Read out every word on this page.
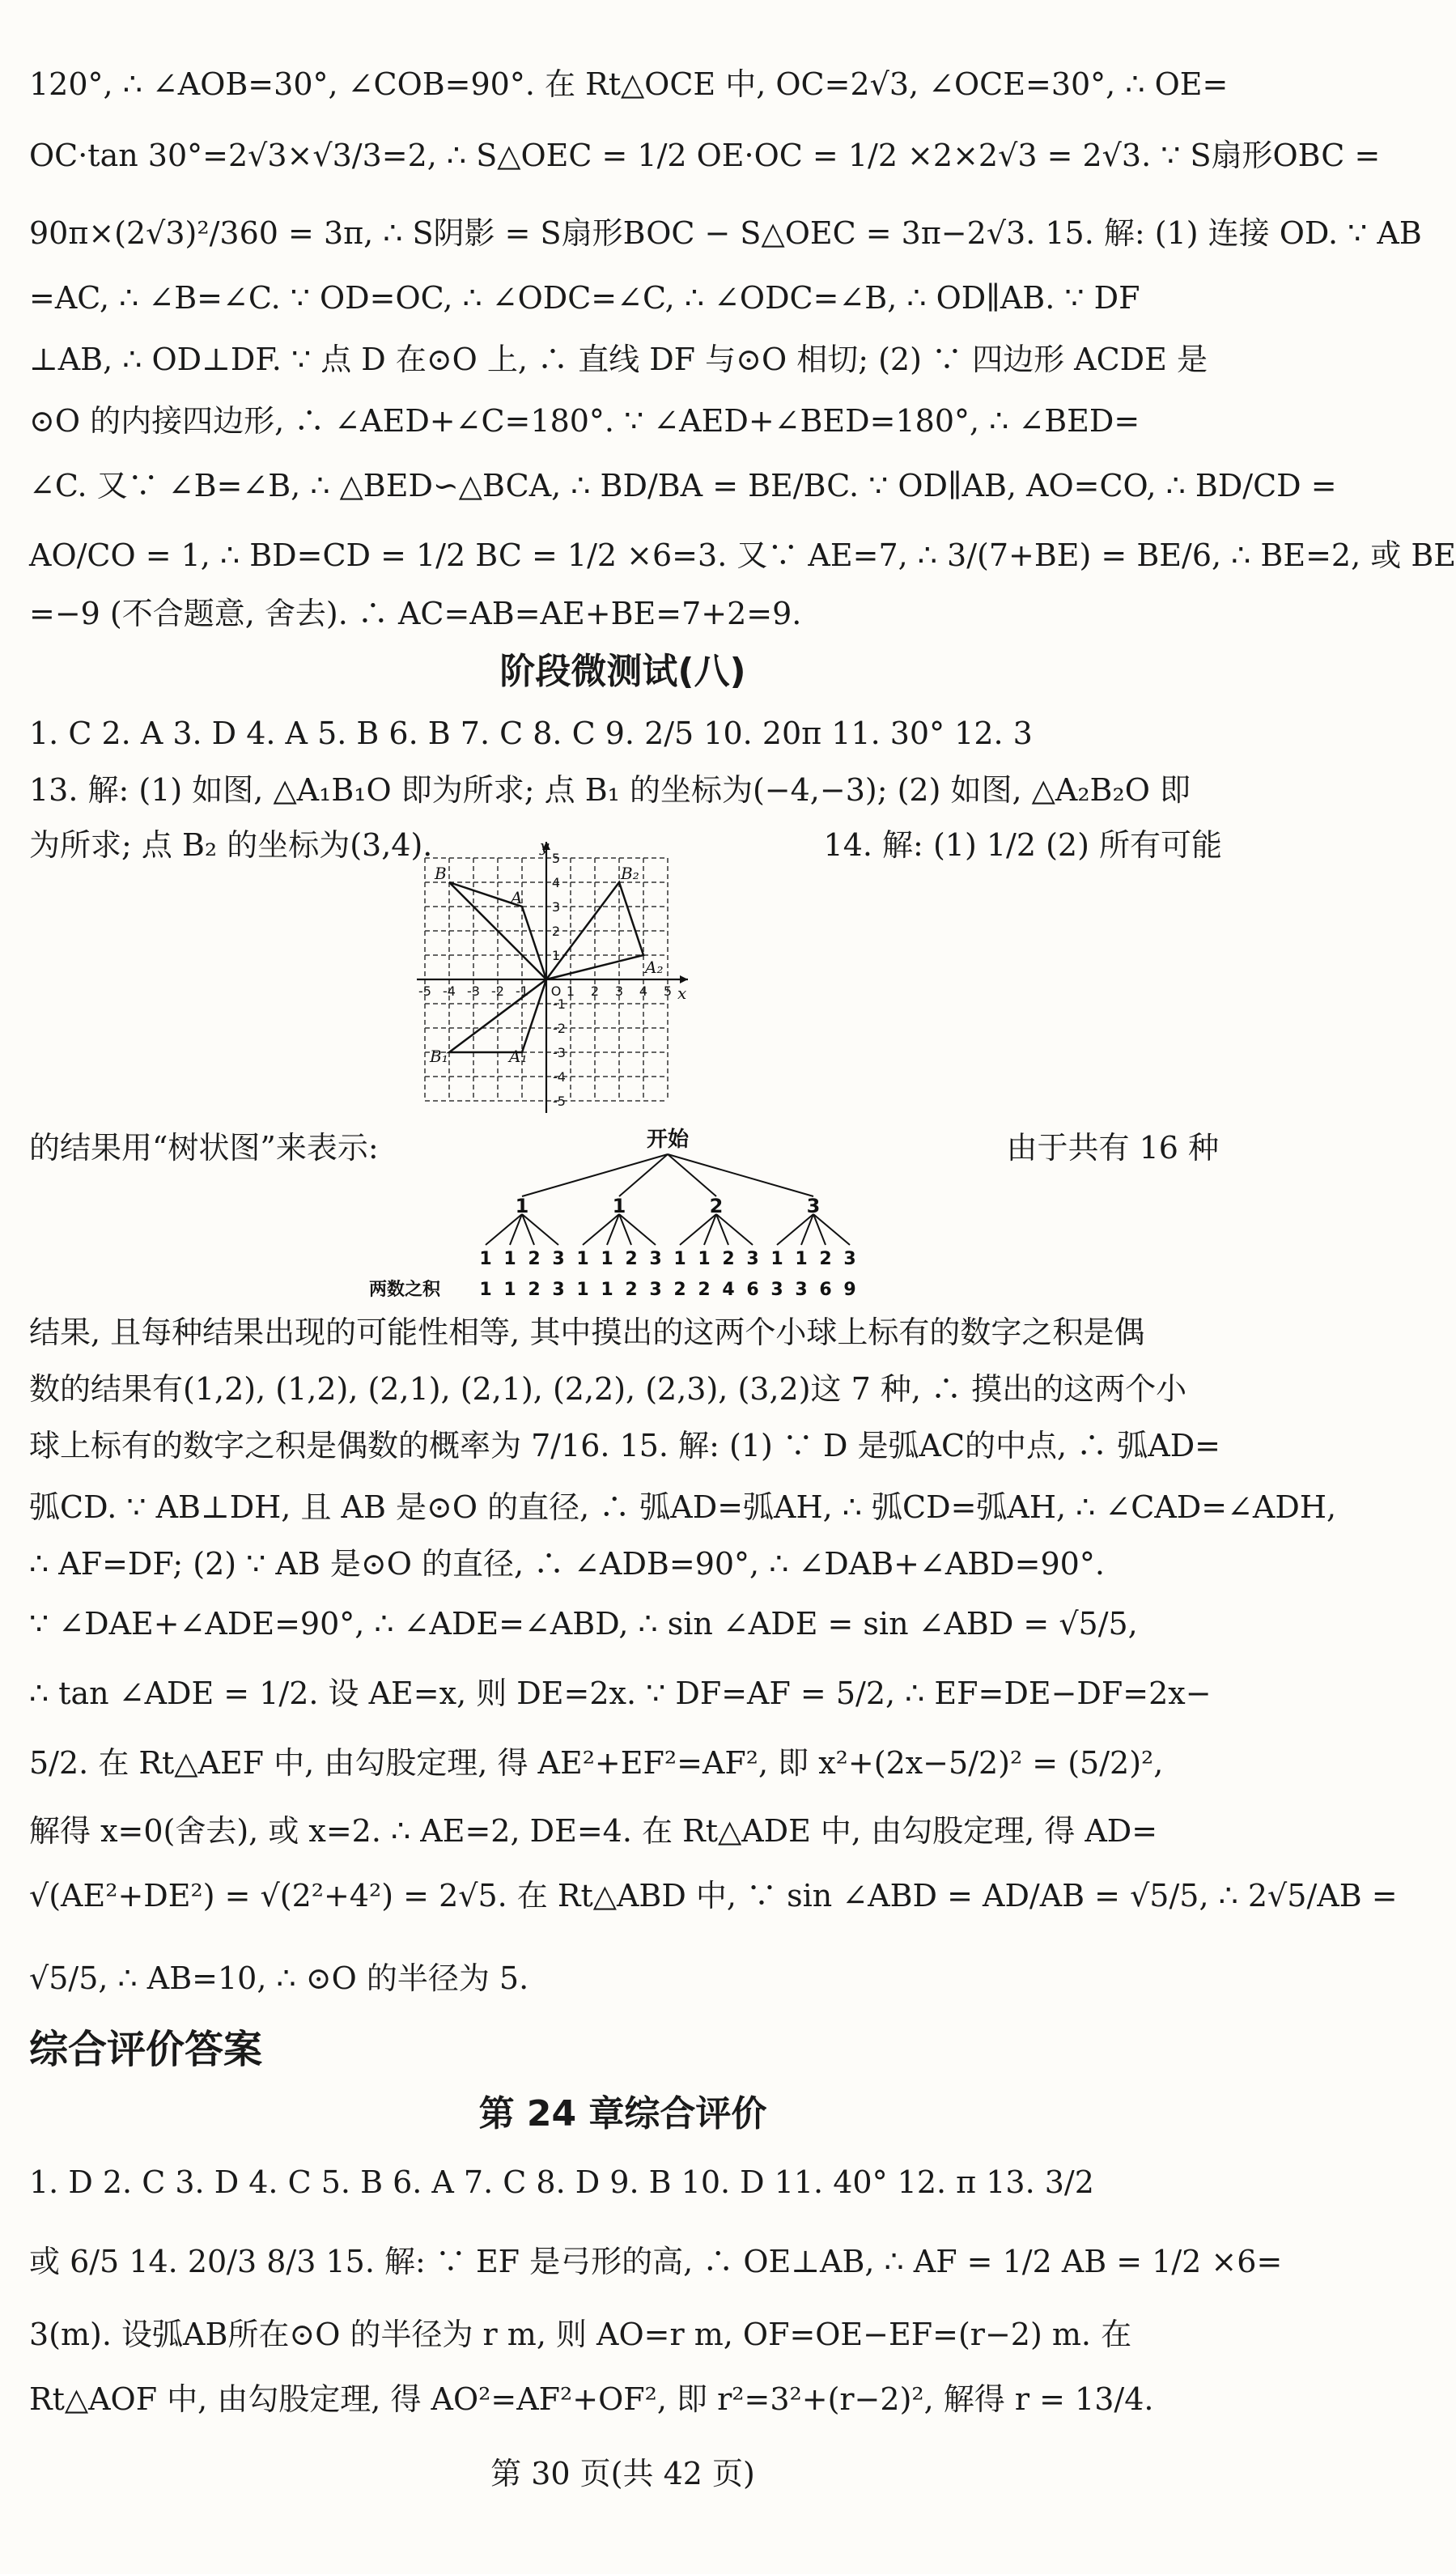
120°, ∴ ∠AOB=30°, ∠COB=90°. 在 Rt△OCE 中, OC=2√3, ∠OCE=30°, ∴ OE=
OC·tan 30°=2√3×√3/3=2, ∴ S△OEC = 1/2 OE·OC = 1/2 ×2×2√3 = 2√3. ∵ S扇形OBC =
90π×(2√3)²/360 = 3π, ∴ S阴影 = S扇形BOC − S△OEC = 3π−2√3. 15. 解: (1) 连接 OD. ∵ AB
=AC, ∴ ∠B=∠C. ∵ OD=OC, ∴ ∠ODC=∠C, ∴ ∠ODC=∠B, ∴ OD∥AB. ∵ DF
⊥AB, ∴ OD⊥DF. ∵ 点 D 在⊙O 上, ∴ 直线 DF 与⊙O 相切; (2) ∵ 四边形 ACDE 是
⊙O 的内接四边形, ∴ ∠AED+∠C=180°. ∵ ∠AED+∠BED=180°, ∴ ∠BED=
∠C. 又∵ ∠B=∠B, ∴ △BED∽△BCA, ∴ BD/BA = BE/BC. ∵ OD∥AB, AO=CO, ∴ BD/CD =
AO/CO = 1, ∴ BD=CD = 1/2 BC = 1/2 ×6=3. 又∵ AE=7, ∴ 3/(7+BE) = BE/6, ∴ BE=2, 或 BE
=−9 (不合题意, 舍去). ∴ AC=AB=AE+BE=7+2=9.
阶段微测试(八)
1. C 2. A 3. D 4. A 5. B 6. B 7. C 8. C 9. 2/5 10. 20π 11. 30° 12. 3
13. 解: (1) 如图, △A₁B₁O 即为所求; 点 B₁ 的坐标为(−4,−3); (2) 如图, △A₂B₂O 即
为所求; 点 B₂ 的坐标为(3,4).	14. 解: (1) 1/2 (2) 所有可能
y
x
B
A
B₂
A₂
B₁	A₁
-5 -4 -3 -2 -1 O 1 2 3 4 5
5
4
3
2
1
-1
-2
-3
-4
-5
的结果用“树状图”来表示:	由于共有 16 种
开始
1	1	2	3
1 1 2 3 1 1 2 3 1 1 2 3 1 1 2 3
两数之积 1 1 2 3 1 1 2 3 2 2 4 6 3 3 6 9
结果, 且每种结果出现的可能性相等, 其中摸出的这两个小球上标有的数字之积是偶
数的结果有(1,2), (1,2), (2,1), (2,1), (2,2), (2,3), (3,2)这 7 种, ∴ 摸出的这两个小
球上标有的数字之积是偶数的概率为 7/16. 15. 解: (1) ∵ D 是弧AC的中点, ∴ 弧AD=
弧CD. ∵ AB⊥DH, 且 AB 是⊙O 的直径, ∴ 弧AD=弧AH, ∴ 弧CD=弧AH, ∴ ∠CAD=∠ADH,
∴ AF=DF; (2) ∵ AB 是⊙O 的直径, ∴ ∠ADB=90°, ∴ ∠DAB+∠ABD=90°.
∵ ∠DAE+∠ADE=90°, ∴ ∠ADE=∠ABD, ∴ sin ∠ADE = sin ∠ABD = √5/5,
∴ tan ∠ADE = 1/2. 设 AE=x, 则 DE=2x. ∵ DF=AF = 5/2, ∴ EF=DE−DF=2x−
5/2. 在 Rt△AEF 中, 由勾股定理, 得 AE²+EF²=AF², 即 x²+(2x−5/2)² = (5/2)²,
解得 x=0(舍去), 或 x=2. ∴ AE=2, DE=4. 在 Rt△ADE 中, 由勾股定理, 得 AD=
√(AE²+DE²) = √(2²+4²) = 2√5. 在 Rt△ABD 中, ∵ sin ∠ABD = AD/AB = √5/5, ∴ 2√5/AB =
√5/5, ∴ AB=10, ∴ ⊙O 的半径为 5.
综合评价答案
第 24 章综合评价
1. D 2. C 3. D 4. C 5. B 6. A 7. C 8. D 9. B 10. D 11. 40° 12. π 13. 3/2
或 6/5 14. 20/3 8/3 15. 解: ∵ EF 是弓形的高, ∴ OE⊥AB, ∴ AF = 1/2 AB = 1/2 ×6=
3(m). 设弧AB所在⊙O 的半径为 r m, 则 AO=r m, OF=OE−EF=(r−2) m. 在
Rt△AOF 中, 由勾股定理, 得 AO²=AF²+OF², 即 r²=3²+(r−2)², 解得 r = 13/4.
第 30 页(共 42 页)
